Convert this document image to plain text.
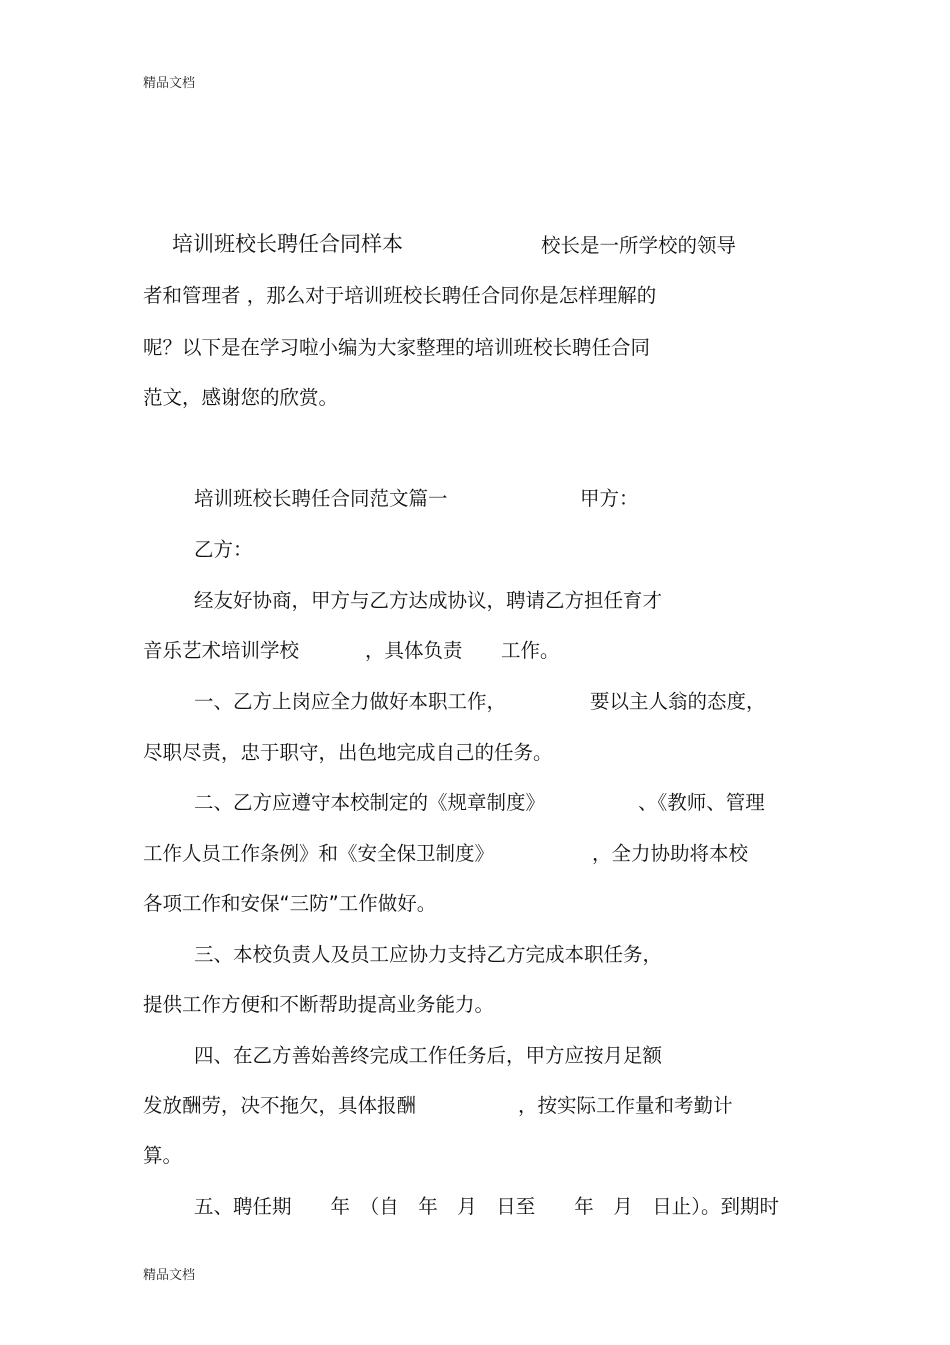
精品文档
培训班校长聘任合同样本	校长是一所学校的领导
者和管理者 ，那么对于培训班校长聘任合同你是怎样理解的
呢？以下是在学习啦小编为大家整理的培训班校长聘任合同
范文，感谢您的欣赏。
培训班校长聘任合同范文篇一	甲方：
乙方：
经友好协商，甲方与乙方达成协议，聘请乙方担任育才
音乐艺术培训学校	，具体负责 工作。
一、乙方上岗应全力做好本职工作，	要以主人翁的态度，
尽职尽责，忠于职守，出色地完成自己的任务。
二、乙方应遵守本校制定的《规章制度》	、《教师、管理
工作人员工作条例》和《安全保卫制度》	，全力协助将本校
各项工作和安保“三防”工作做好。
三、本校负责人及员工应协力支持乙方完成本职任务，
提供工作方便和不断帮助提高业务能力。
四、在乙方善始善终完成工作任务后，甲方应按月足额
发放酬劳，决不拖欠，具体报酬	，按实际工作量和考勤计
算。
五、聘任期　　年　（自　年　月　日至　　年　月　日止）。到期时
精品文档
